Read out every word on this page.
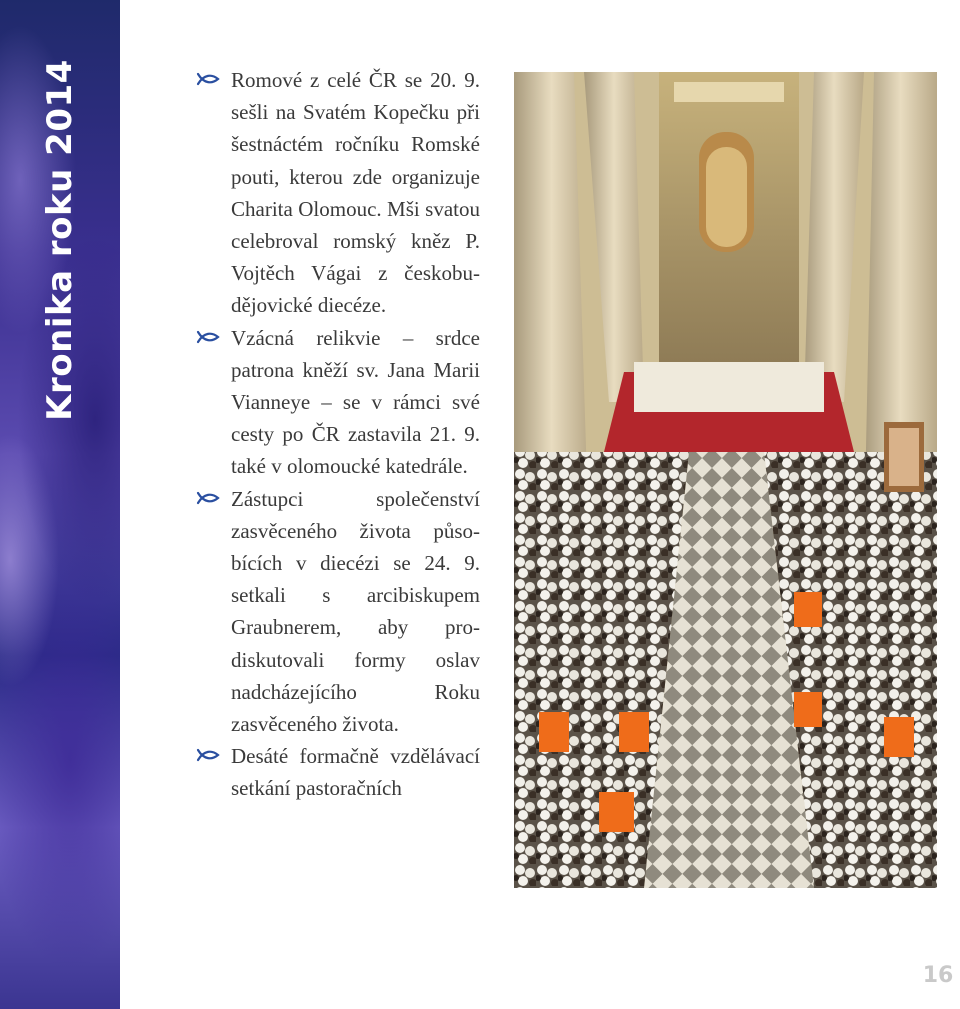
Kronika roku 2014	Romové z celé ČR se 20. 9. sešli na Svatém Kopečku při šestnáctém ročníku Romské pouti, kterou zde organizuje Charita Olomouc. Mši svatou celebroval romský kněz P. Vojtěch Vágai z českobudějovické diecéze.

Vzácná relikvie – srdce patrona kněží sv. Jana Marii Vianneye – se v rámci své cesty po ČR zastavila 21. 9. také v olomoucké katedrále.

Zástupci společenství zasvěceného života působících v diecézi se 24. 9. setkali s arcibiskupem Graubnerem, aby prodiskutovali formy oslav nadcházejícího Roku zasvěceného života.

Desáté formačně vzdělávací setkání pastoračních

16
